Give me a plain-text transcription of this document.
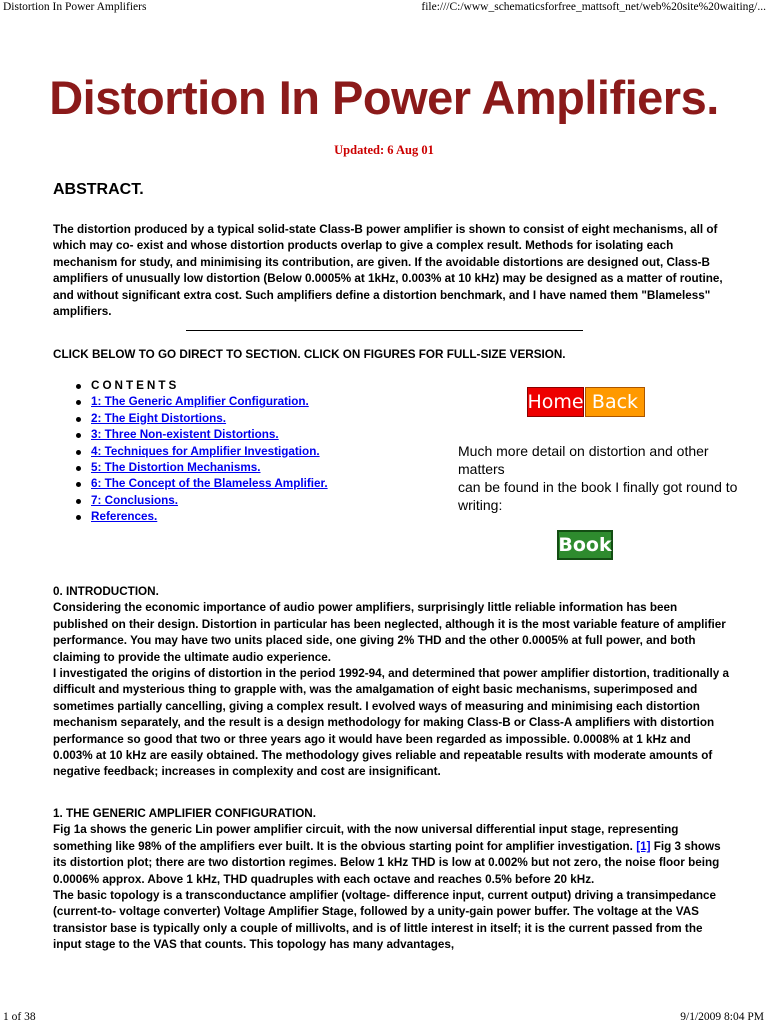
Distortion In Power Amplifiers	file:///C:/www_schematicsforfree_mattsoft_net/web%20site%20waiting/...
Distortion In Power Amplifiers.
Updated: 6 Aug 01
ABSTRACT.
The distortion produced by a typical solid-state Class-B power amplifier is shown to consist of eight mechanisms, all of which may co- exist and whose distortion products overlap to give a complex result. Methods for isolating each mechanism for study, and minimising its contribution, are given. If the avoidable distortions are designed out, Class-B amplifiers of unusually low distortion (Below 0.0005% at 1kHz, 0.003% at 10 kHz) may be designed as a matter of routine, and without significant extra cost. Such amplifiers define a distortion benchmark, and I have named them "Blameless" amplifiers.
CLICK BELOW TO GO DIRECT TO SECTION. CLICK ON FIGURES FOR FULL-SIZE VERSION.
CONTENTS
1: The Generic Amplifier Configuration.
2: The Eight Distortions.
3: Three Non-existent Distortions.
4: Techniques for Amplifier Investigation.
5: The Distortion Mechanisms.
6: The Concept of the Blameless Amplifier.
7: Conclusions.
References.
Home Back
Much more detail on distortion and other matters
can be found in the book I finally got round to writing:
Book
0. INTRODUCTION.
Considering the economic importance of audio power amplifiers, surprisingly little reliable information has been published on their design. Distortion in particular has been neglected, although it is the most variable feature of amplifier performance. You may have two units placed side, one giving 2% THD and the other 0.0005% at full power, and both claiming to provide the ultimate audio experience.
I investigated the origins of distortion in the period 1992-94, and determined that power amplifier distortion, traditionally a difficult and mysterious thing to grapple with, was the amalgamation of eight basic mechanisms, superimposed and sometimes partially cancelling, giving a complex result. I evolved ways of measuring and minimising each distortion mechanism separately, and the result is a design methodology for making Class-B or Class-A amplifiers with distortion performance so good that two or three years ago it would have been regarded as impossible. 0.0008% at 1 kHz and 0.003% at 10 kHz are easily obtained. The methodology gives reliable and repeatable results with moderate amounts of negative feedback; increases in complexity and cost are insignificant.
1. THE GENERIC AMPLIFIER CONFIGURATION.
Fig 1a shows the generic Lin power amplifier circuit, with the now universal differential input stage, representing something like 98% of the amplifiers ever built. It is the obvious starting point for amplifier investigation. [1] Fig 3 shows its distortion plot; there are two distortion regimes. Below 1 kHz THD is low at 0.002% but not zero, the noise floor being 0.0006% approx. Above 1 kHz, THD quadruples with each octave and reaches 0.5% before 20 kHz.
The basic topology is a transconductance amplifier (voltage- difference input, current output) driving a transimpedance (current-to- voltage converter) Voltage Amplifier Stage, followed by a unity-gain power buffer. The voltage at the VAS transistor base is typically only a couple of millivolts, and is of little interest in itself; it is the current passed from the input stage to the VAS that counts. This topology has many advantages,
1 of 38	9/1/2009 8:04 PM
